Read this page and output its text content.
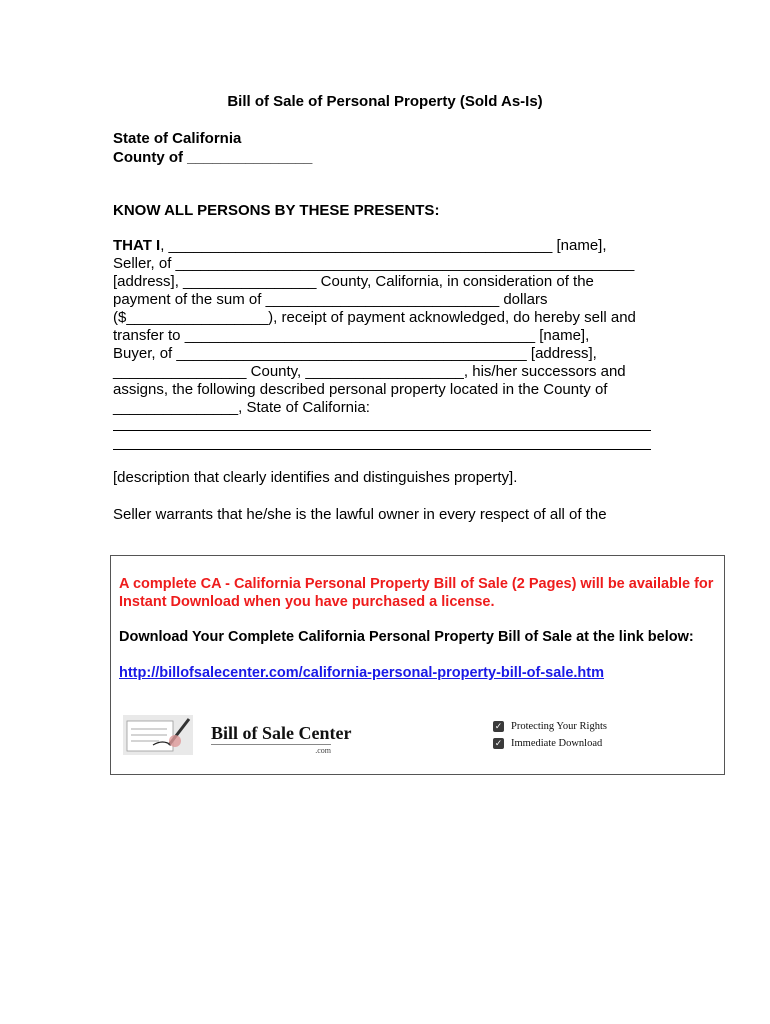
Bill of Sale of Personal Property (Sold As-Is)
State of California
County of _______________
KNOW ALL PERSONS BY THESE PRESENTS:
THAT I, ______________________________________________ [name],
Seller, of _______________________________________________________
[address], ________________ County, California, in consideration of the
payment of the sum of ____________________________ dollars
($_________________), receipt of payment acknowledged, do hereby sell and
transfer to __________________________________________ [name],
Buyer, of __________________________________________ [address],
________________ County, ___________________, his/her successors and
assigns, the following described personal property located in the County of
_______________, State of California:
[description that clearly identifies and distinguishes property].
Seller warrants that he/she is the lawful owner in every respect of all of the
A complete CA - California Personal Property Bill of Sale (2 Pages) will be available for Instant Download when you have purchased a license.
Download Your Complete California Personal Property Bill of Sale at the link below:
http://billofsalecenter.com/california-personal-property-bill-of-sale.htm
Bill of Sale Center
.com
✓ Protecting Your Rights
✓ Immediate Download
